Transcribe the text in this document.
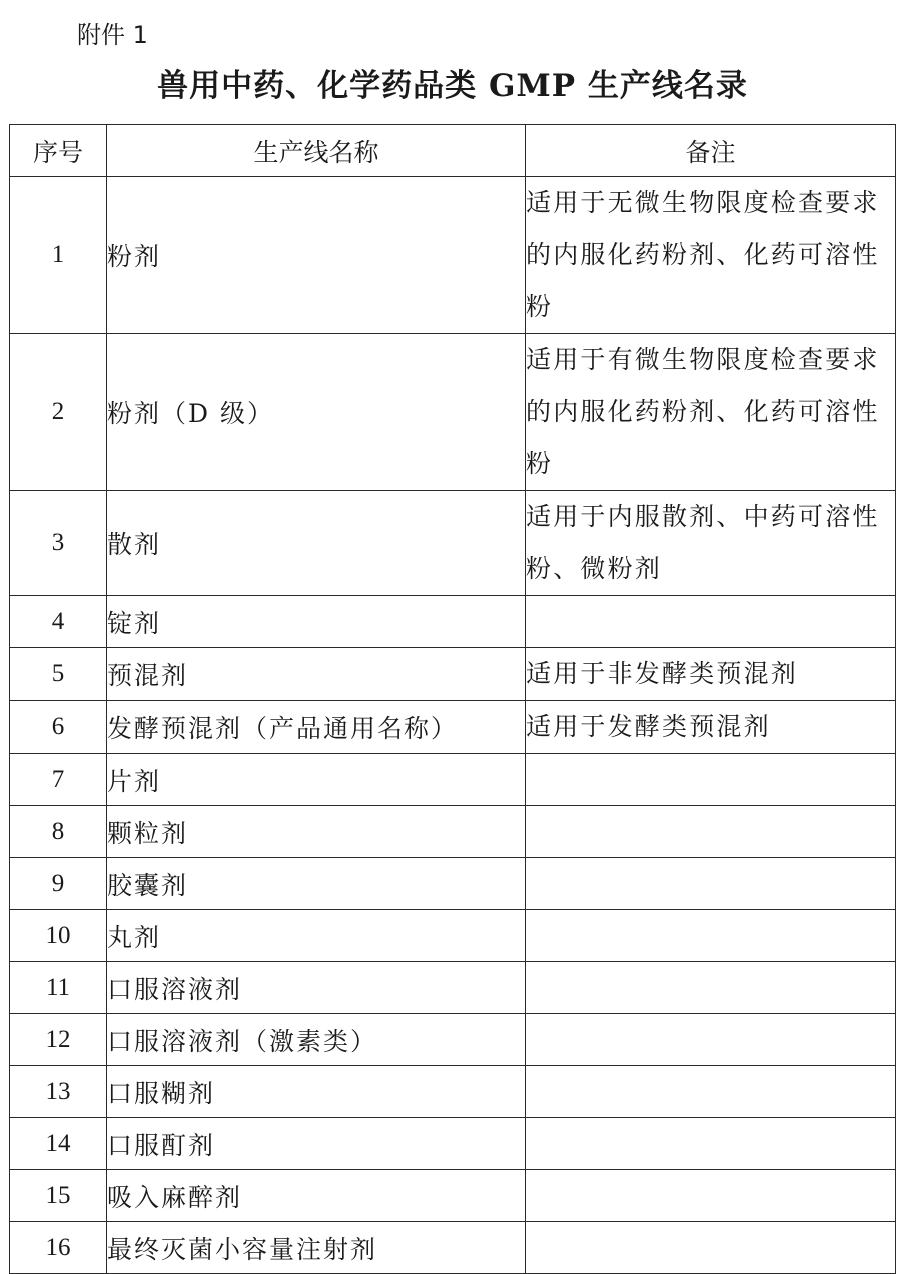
附件 1
兽用中药、化学药品类 GMP 生产线名录
序号	生产线名称	备注
1	粉剂	适用于无微生物限度检查要求的内服化药粉剂、化药可溶性粉
2	粉剂（D 级）	适用于有微生物限度检查要求的内服化药粉剂、化药可溶性粉
3	散剂	适用于内服散剂、中药可溶性粉、微粉剂
4	锭剂	
5	预混剂	适用于非发酵类预混剂
6	发酵预混剂（产品通用名称）	适用于发酵类预混剂
7	片剂	
8	颗粒剂	
9	胶囊剂	
10	丸剂	
11	口服溶液剂	
12	口服溶液剂（激素类）	
13	口服糊剂	
14	口服酊剂	
15	吸入麻醉剂	
16	最终灭菌小容量注射剂	
